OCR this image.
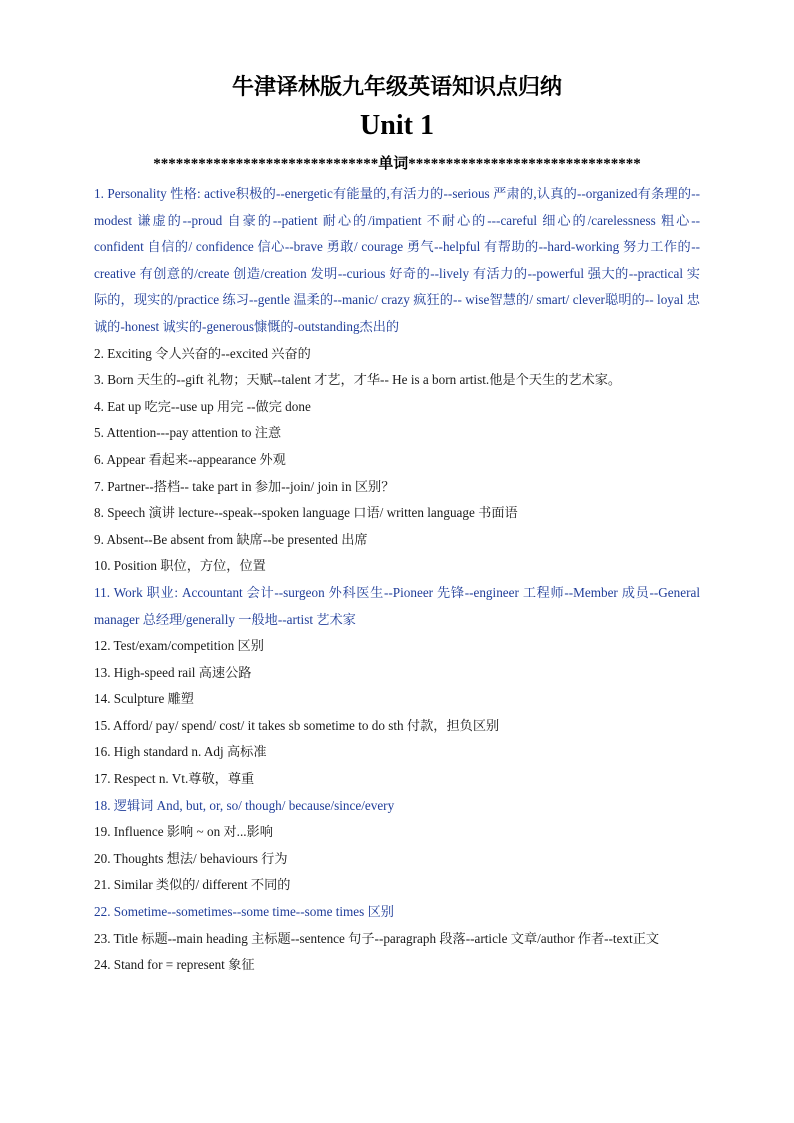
牛津译林版九年级英语知识点归纳
Unit 1
******************************单词*******************************

1. Personality 性格: active积极的--energetic有能量的,有活力的--serious 严肃的,认真的--organized有条理的--modest 谦虚的--proud 自豪的--patient 耐心的/impatient 不耐心的---careful 细心的/carelessness 粗心--confident 自信的/ confidence 信心--brave 勇敢/ courage 勇气--helpful 有帮助的--hard-working 努力工作的--creative 有创意的/create 创造/creation 发明--curious 好奇的--lively 有活力的--powerful 强大的--practical 实际的，现实的/practice 练习--gentle 温柔的--manic/ crazy 疯狂的-- wise智慧的/ smart/ clever聪明的-- loyal 忠诚的-honest 诚实的-generous慷慨的-outstanding杰出的

2. Exciting 令人兴奋的--excited 兴奋的

3. Born 天生的--gift 礼物；天赋--talent 才艺，才华-- He is a born artist.他是个天生的艺术家。

4. Eat up 吃完--use up 用完 --做完 done

5. Attention---pay attention to 注意

6. Appear 看起来--appearance 外观

7. Partner--搭档-- take part in 参加--join/ join in 区别？

8. Speech 演讲 lecture--speak--spoken language 口语/ written language 书面语

9. Absent--Be absent from 缺席--be presented 出席

10. Position 职位，方位，位置

11. Work 职业: Accountant 会计--surgeon 外科医生--Pioneer 先锋--engineer 工程师--Member 成员--General manager 总经理/generally 一般地--artist 艺术家

12. Test/exam/competition 区别

13. High-speed rail 高速公路

14. Sculpture 雕塑

15. Afford/ pay/ spend/ cost/ it takes sb sometime to do sth 付款，担负区别

16. High standard n. Adj 高标准

17. Respect n. Vt.尊敬，尊重

18. 逻辑词 And, but, or, so/ though/ because/since/every

19. Influence 影响 ~ on 对...影响

20. Thoughts 想法/ behaviours 行为

21. Similar 类似的/ different 不同的

22. Sometime--sometimes--some time--some times 区别

23. Title 标题--main heading 主标题--sentence 句子--paragraph 段落--article 文章/author 作者--text正文

24. Stand for = represent 象征
